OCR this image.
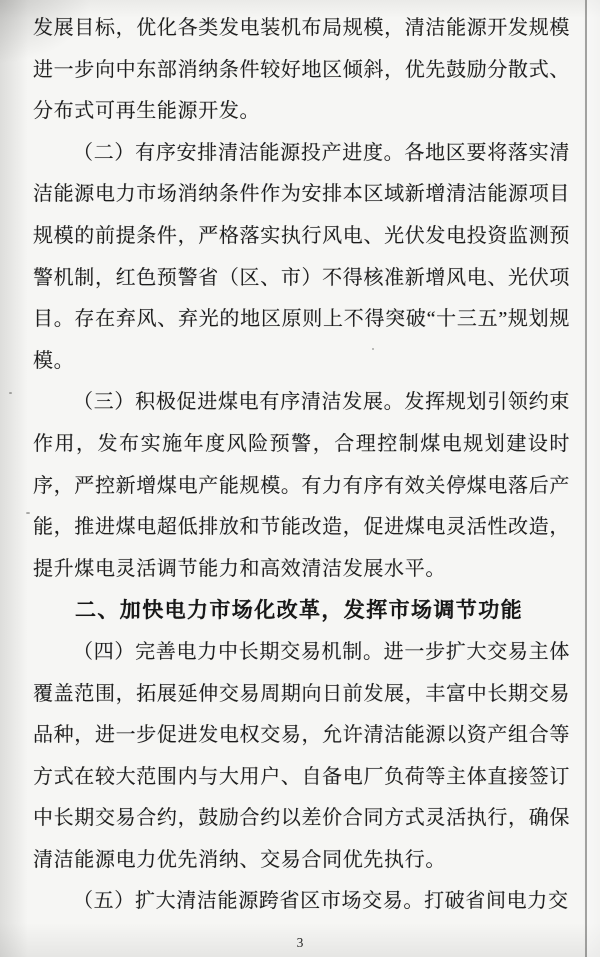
发展目标，优化各类发电装机布局规模，清洁能源开发规模进一步向中东部消纳条件较好地区倾斜，优先鼓励分散式、分布式可再生能源开发。

（二）有序安排清洁能源投产进度。各地区要将落实清洁能源电力市场消纳条件作为安排本区域新增清洁能源项目规模的前提条件，严格落实执行风电、光伏发电投资监测预警机制，红色预警省（区、市）不得核准新增风电、光伏项目。存在弃风、弃光的地区原则上不得突破“十三五”规划规模。

（三）积极促进煤电有序清洁发展。发挥规划引领约束作用，发布实施年度风险预警，合理控制煤电规划建设时序，严控新增煤电产能规模。有力有序有效关停煤电落后产能，推进煤电超低排放和节能改造，促进煤电灵活性改造，提升煤电灵活调节能力和高效清洁发展水平。

二、加快电力市场化改革，发挥市场调节功能

（四）完善电力中长期交易机制。进一步扩大交易主体覆盖范围，拓展延伸交易周期向日前发展，丰富中长期交易品种，进一步促进发电权交易，允许清洁能源以资产组合等方式在较大范围内与大用户、自备电厂负荷等主体直接签订中长期交易合约，鼓励合约以差价合同方式灵活执行，确保清洁能源电力优先消纳、交易合同优先执行。

（五）扩大清洁能源跨省区市场交易。打破省间电力交

3
